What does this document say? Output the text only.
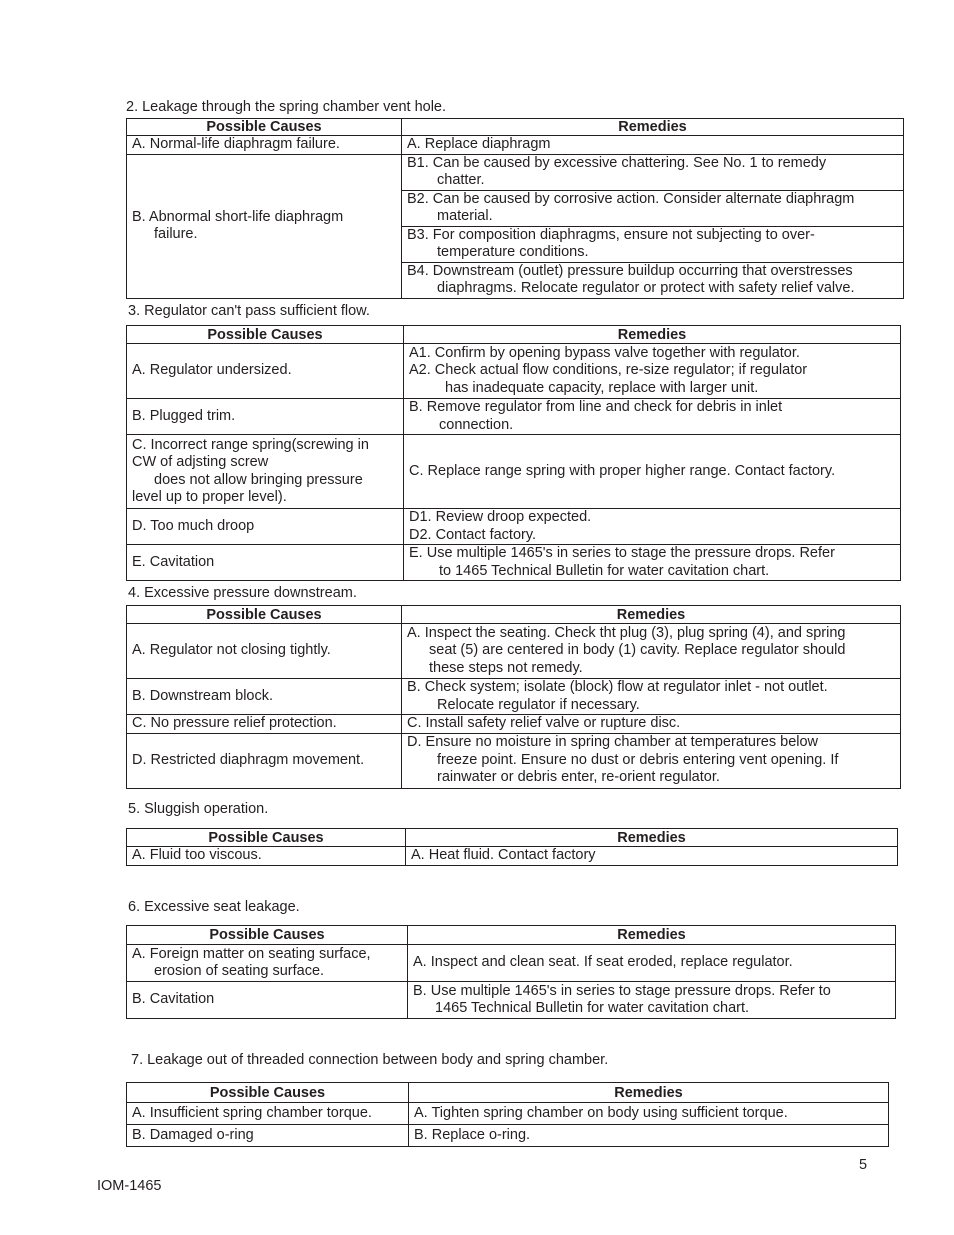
2. Leakage through the spring chamber vent hole.
Possible Causes	Remedies
A. Normal-life diaphragm failure.	A. Replace diaphragm

B. Abnormal short-life diaphragm
failure.	B1. Can be caused by excessive chattering. See No. 1 to remedy
chatter.

	B2. Can be caused by corrosive action. Consider alternate diaphragm
material.

	B3. For composition diaphragms, ensure not subjecting to over-
temperature conditions.

	B4. Downstream (outlet) pressure buildup occurring that overstresses
diaphragms. Relocate regulator or protect with safety relief valve.
3. Regulator can't pass sufficient flow.
Possible Causes	Remedies
A. Regulator undersized.	A1. Confirm by opening bypass valve together with regulator.
A2. Check actual flow conditions, re-size regulator; if regulator
has inadequate capacity, replace with larger unit.

B. Plugged trim.	B. Remove regulator from line and check for debris in inlet
connection.

C. Incorrect range spring(screwing in
CW of adjsting screw
does not allow bringing pressure
level up to proper level).	C. Replace range spring with proper higher range. Contact factory.
D. Too much droop	D1. Review droop expected.
D2. Contact factory.

E. Cavitation	E. Use multiple 1465's in series to stage the pressure drops. Refer
to 1465 Technical Bulletin for water cavitation chart.
4. Excessive pressure downstream.
Possible Causes	Remedies
A. Regulator not closing tightly.	A. Inspect the seating. Check tht plug (3), plug spring (4), and spring
seat (5) are centered in body (1) cavity. Replace regulator should
these steps not remedy.

B. Downstream block.	B. Check system; isolate (block) flow at regulator inlet - not outlet.
Relocate regulator if necessary.

C. No pressure relief protection.	C. Install safety relief valve or rupture disc.
D. Restricted diaphragm movement.	D. Ensure no moisture in spring chamber at temperatures below
freeze point. Ensure no dust or debris entering vent opening. If
rainwater or debris enter, re-orient regulator.
5. Sluggish operation.
Possible Causes	Remedies
A. Fluid too viscous.	A. Heat fluid. Contact factory
6. Excessive seat leakage.
Possible Causes	Remedies

A. Foreign matter on seating surface,
erosion of seating surface.	A. Inspect and clean seat. If seat eroded, replace regulator.
B. Cavitation	B. Use multiple 1465's in series to stage pressure drops. Refer to
1465 Technical Bulletin for water cavitation chart.
7. Leakage out of threaded connection between body and spring chamber.
Possible Causes	Remedies
A. Insufficient spring chamber torque.	A. Tighten spring chamber on body using sufficient torque.
B. Damaged o-ring	B. Replace o-ring.
5
IOM-1465
